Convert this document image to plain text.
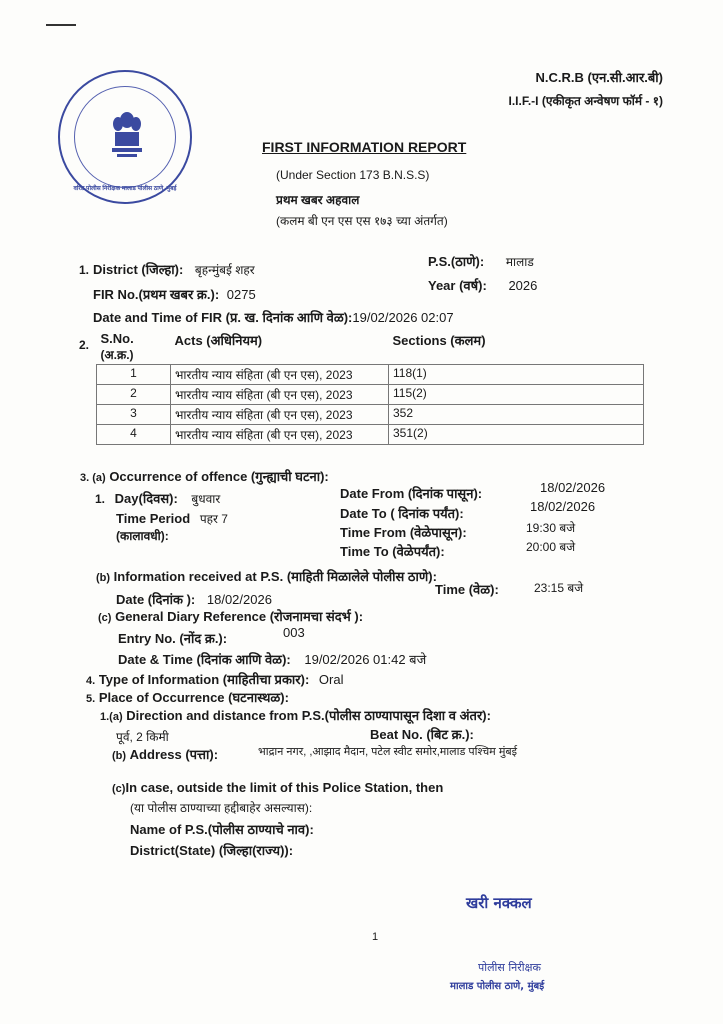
वरिष्ठ पोलीस निरीक्षक मालाड पोलीस ठाणे, मुंबई
N.C.R.B (एन.सी.आर.बी)
I.I.F.-I (एकीकृत अन्वेषण फॉर्म - १)
FIRST INFORMATION REPORT
(Under Section 173 B.N.S.S)
प्रथम खबर अहवाल
(कलम बी एन एस एस १७३ च्या अंतर्गत)
1. District (जिल्हा): बृहन्मुंबई शहर
P.S.(ठाणे): मालाड
FIR No.(प्रथम खबर क्र.): 0275
Year (वर्ष): 2026
Date and Time of FIR (प्र. ख. दिनांक आणि वेळ):19/02/2026 02:07
2. S.No.
(अ.क्र.)	Acts (अधिनियम)	Sections (कलम)
1	भारतीय न्याय संहिता (बी एन एस), 2023	118(1)
2	भारतीय न्याय संहिता (बी एन एस), 2023	115(2)
3	भारतीय न्याय संहिता (बी एन एस), 2023	352
4	भारतीय न्याय संहिता (बी एन एस), 2023	351(2)
3. (a) Occurrence of offence (गुन्ह्याची घटना):
1. Day(दिवस): बुधवार
Time Period पहर 7
(कालावधी):
Date From (दिनांक पासून):	18/02/2026
Date To ( दिनांक पर्यंत):	18/02/2026
Time From (वेळेपासून):	19:30 बजे
Time To (वेळेपर्यंत):	20:00 बजे
(b) Information received at P.S. (माहिती मिळालेले पोलीस ठाणे):
Date (दिनांक ): 18/02/2026
Time (वेळ):	23:15 बजे
(c) General Diary Reference (रोजनामचा संदर्भ ):
Entry No. (नोंद क्र.):	003
Date & Time (दिनांक आणि वेळ): 19/02/2026 01:42 बजे
4. Type of Information (माहितीचा प्रकार): Oral
5. Place of Occurrence (घटनास्थळ):
1.(a) Direction and distance from P.S.(पोलीस ठाण्यापासून दिशा व अंतर):
पूर्व, 2 किमी	Beat No. (बिट क्र.):
(b) Address (पत्ता):	भाद्रान नगर, ,आझाद मैदान, पटेल स्वीट समोर,मालाड पश्चिम मुंबई
(c)In case, outside the limit of this Police Station, then
(या पोलीस ठाण्याच्या हद्दीबाहेर असल्यास):
Name of P.S.(पोलीस ठाण्याचे नाव):
District(State) (जिल्हा(राज्य)):
खरी नक्कल
1
पोलीस निरीक्षक
मालाड पोलीस ठाणे, मुंबई
